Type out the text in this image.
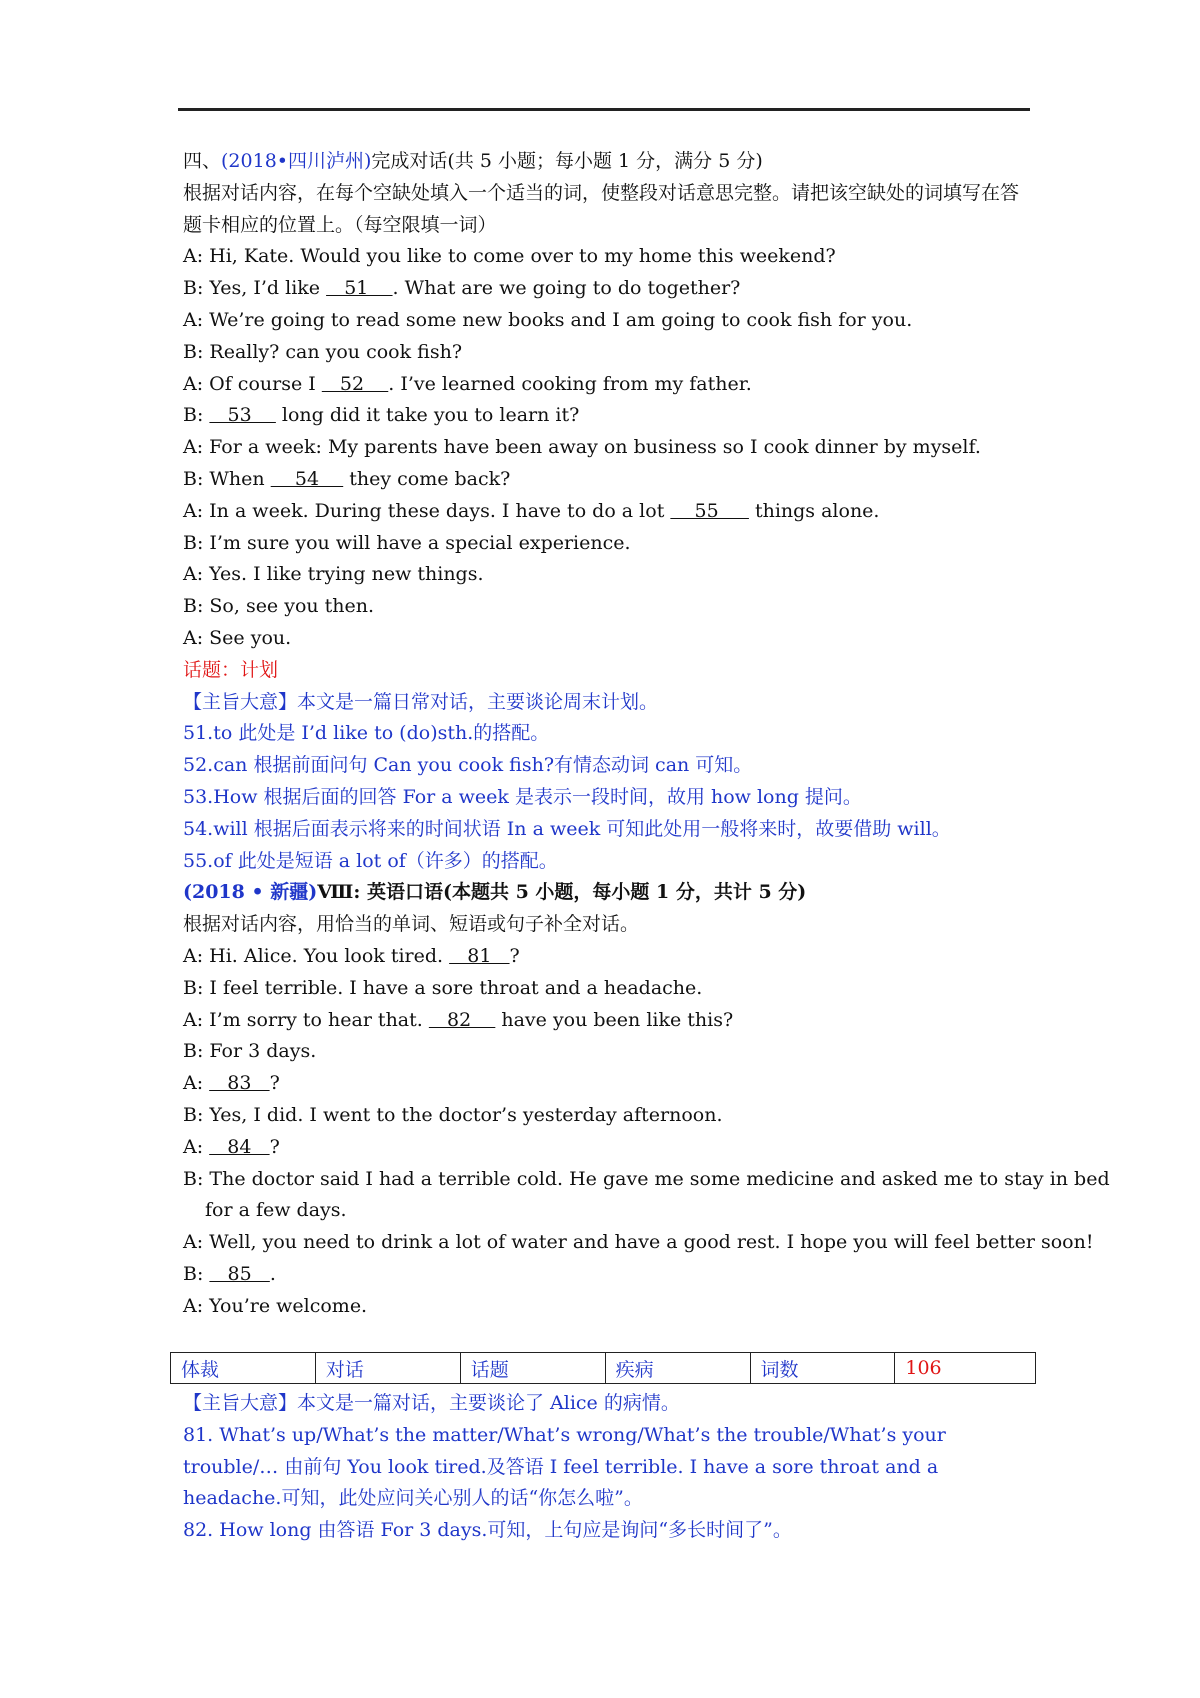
四、(2018•四川泸州)完成对话(共 5 小题；每小题 1 分，满分 5 分)
根据对话内容，在每个空缺处填入一个适当的词，使整段对话意思完整。请把该空缺处的词填写在答题卡相应的位置上。（每空限填一词）
A: Hi, Kate. Would you like to come over to my home this weekend?
B: Yes, I’d like    51    . What are we going to do together?
A: We’re going to read some new books and I am going to cook fish for you.
B: Really? can you cook fish?
A: Of course I    52    . I’ve learned cooking from my father.
B:    53     long did it take you to learn it?
A: For a week: My parents have been away on business so I cook dinner by myself.
B: When     54     they come back?
A: In a week. During these days. I have to do a lot     55      things alone.
B: I’m sure you will have a special experience.
A: Yes. I like trying new things.
B: So, see you then.
A: See you.
话题：计划
【主旨大意】本文是一篇日常对话，主要谈论周末计划。
51.to 此处是 I’d like to (do)sth.的搭配。
52.can 根据前面问句 Can you cook fish?有情态动词 can 可知。
53.How 根据后面的回答 For a week 是表示一段时间，故用 how long 提问。
54.will 根据后面表示将来的时间状语 In a week 可知此处用一般将来时，故要借助 will。
55.of 此处是短语 a lot of（许多）的搭配。
(2018 • 新疆)Ⅷ: 英语口语(本题共 5 小题，每小题 1 分，共计 5 分)
根据对话内容，用恰当的单词、短语或句子补全对话。
A: Hi. Alice. You look tired.    81   ?
B: I feel terrible. I have a sore throat and a headache.
A: I’m sorry to hear that.    82     have you been like this?
B: For 3 days.
A:    83   ?
B: Yes, I did. I went to the doctor’s yesterday afternoon.
A:    84   ?
B: The doctor said I had a terrible cold. He gave me some medicine and asked me to stay in bed
for a few days.
A: Well, you need to drink a lot of water and have a good rest. I hope you will feel better soon!
B:    85   .
A: You’re welcome.
体裁	对话	话题	疾病	词数	106
【主旨大意】本文是一篇对话，主要谈论了 Alice 的病情。
81. What’s up/What’s the matter/What’s wrong/What’s the trouble/What’s your trouble/… 由前句 You look tired.及答语 I feel terrible. I have a sore throat and a headache.可知，此处应问关心别人的话“你怎么啦”。
82. How long 由答语 For 3 days.可知，上句应是询问“多长时间了”。
